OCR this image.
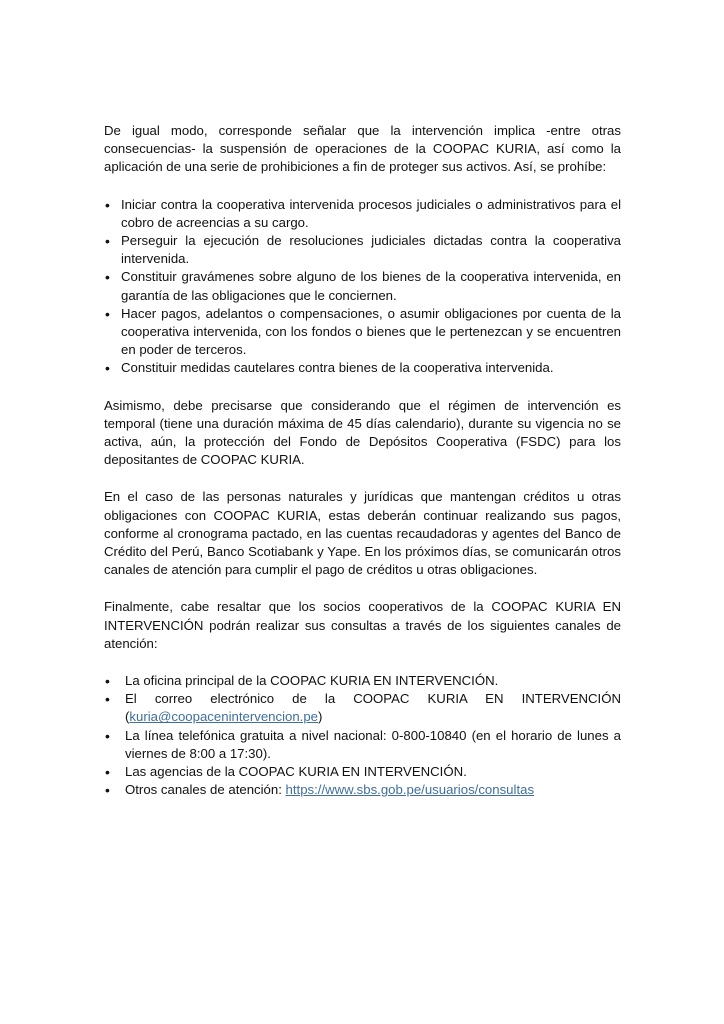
De igual modo, corresponde señalar que la intervención implica -entre otras consecuencias- la suspensión de operaciones de la COOPAC KURIA, así como la aplicación de una serie de prohibiciones a fin de proteger sus activos. Así, se prohíbe:

• Iniciar contra la cooperativa intervenida procesos judiciales o administrativos para el cobro de acreencias a su cargo.
• Perseguir la ejecución de resoluciones judiciales dictadas contra la cooperativa intervenida.
• Constituir gravámenes sobre alguno de los bienes de la cooperativa intervenida, en garantía de las obligaciones que le conciernen.
• Hacer pagos, adelantos o compensaciones, o asumir obligaciones por cuenta de la cooperativa intervenida, con los fondos o bienes que le pertenezcan y se encuentren en poder de terceros.
• Constituir medidas cautelares contra bienes de la cooperativa intervenida.

Asimismo, debe precisarse que considerando que el régimen de intervención es temporal (tiene una duración máxima de 45 días calendario), durante su vigencia no se activa, aún, la protección del Fondo de Depósitos Cooperativa (FSDC) para los depositantes de COOPAC KURIA.

En el caso de las personas naturales y jurídicas que mantengan créditos u otras obligaciones con COOPAC KURIA, estas deberán continuar realizando sus pagos, conforme al cronograma pactado, en las cuentas recaudadoras y agentes del Banco de Crédito del Perú, Banco Scotiabank y Yape. En los próximos días, se comunicarán otros canales de atención para cumplir el pago de créditos u otras obligaciones.

Finalmente, cabe resaltar que los socios cooperativos de la COOPAC KURIA EN INTERVENCIÓN podrán realizar sus consultas a través de los siguientes canales de atención:

• La oficina principal de la COOPAC KURIA EN INTERVENCIÓN.
• El correo electrónico de la COOPAC KURIA EN INTERVENCIÓN
(kuria@coopacenintervencion.pe)
• La línea telefónica gratuita a nivel nacional: 0-800-10840 (en el horario de lunes a viernes de 8:00 a 17:30).
• Las agencias de la COOPAC KURIA EN INTERVENCIÓN.
• Otros canales de atención: https://www.sbs.gob.pe/usuarios/consultas
